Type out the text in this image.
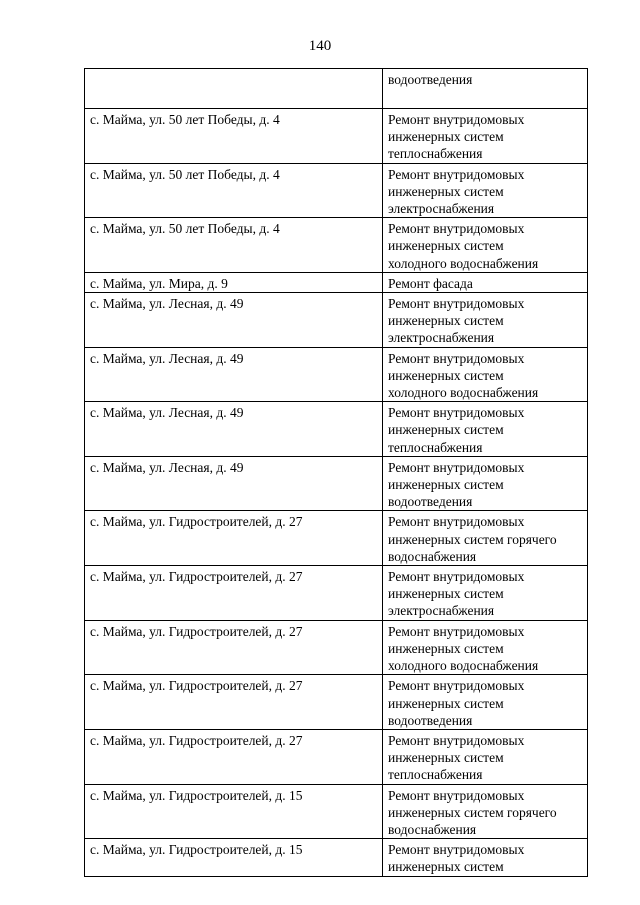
140

	водоотведения

с. Майма, ул. 50 лет Победы, д. 4	Ремонт внутридомовых
инженерных систем
теплоснабжения

с. Майма, ул. 50 лет Победы, д. 4	Ремонт внутридомовых
инженерных систем
электроснабжения

с. Майма, ул. 50 лет Победы, д. 4	Ремонт внутридомовых
инженерных систем
холодного водоснабжения

с. Майма, ул. Мира, д. 9	Ремонт фасада

с. Майма, ул. Лесная, д. 49	Ремонт внутридомовых
инженерных систем
электроснабжения

с. Майма, ул. Лесная, д. 49	Ремонт внутридомовых
инженерных систем
холодного водоснабжения

с. Майма, ул. Лесная, д. 49	Ремонт внутридомовых
инженерных систем
теплоснабжения

с. Майма, ул. Лесная, д. 49	Ремонт внутридомовых
инженерных систем
водоотведения

с. Майма, ул. Гидростроителей, д. 27	Ремонт внутридомовых
инженерных систем горячего
водоснабжения

с. Майма, ул. Гидростроителей, д. 27	Ремонт внутридомовых
инженерных систем
электроснабжения

с. Майма, ул. Гидростроителей, д. 27	Ремонт внутридомовых
инженерных систем
холодного водоснабжения

с. Майма, ул. Гидростроителей, д. 27	Ремонт внутридомовых
инженерных систем
водоотведения

с. Майма, ул. Гидростроителей, д. 27	Ремонт внутридомовых
инженерных систем
теплоснабжения

с. Майма, ул. Гидростроителей, д. 15	Ремонт внутридомовых
инженерных систем горячего
водоснабжения

с. Майма, ул. Гидростроителей, д. 15	Ремонт внутридомовых
инженерных систем
